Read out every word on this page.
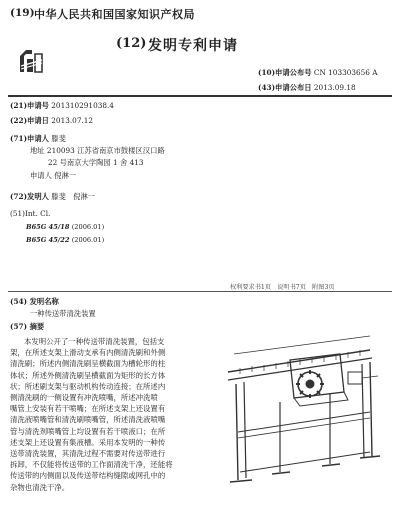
(19) 中华人民共和国国家知识产权局
(12) 发明专利申请
(10)申请公布号 CN 103303656 A
(43)申请公布日 2013.09.18
(21)申请号 201310291038.4
(22)申请日 2013.07.12
(71)申请人 滕斐
地址 210093 江苏省南京市鼓楼区汉口路
22 号南京大学陶园 1 舍 413
申请人 倪淋一
(72)发明人 滕斐　倪淋一
(51)Int. Cl.
B65G 45/18 (2006.01)
B65G 45/22 (2006.01)
权利要求书1页　说明书7页　附图3页
(54) 发明名称
一种传送带清洗装置
(57) 摘要
本发明公开了一种传送带清洗装置，包括支
架，在所述支架上滑动支承有内侧清洗刷和外侧
清洗刷；所述内侧清洗刷呈横截面为槽轮形的柱
体状；所述外侧清洗刷呈横截面为矩形的长方体
状；所述刷支架与驱动机构传动连接；在所述内
侧清洗刷的一侧设置有冲洗喷嘴，所述冲洗喷
嘴管上安装有若干喷嘴；在所述支架上还设置有
清洗液喷嘴管和清洗刷喷嘴管，所述清洗液喷嘴
管与清洗剂喷嘴管上均设置有若干喷液口；在所
述支架上还设置有集液槽。采用本发明的一种传
送带清洗装置，其清洗过程不需要对传送带进行
拆卸，不仅能将传送带的工作面清洗干净，还能将
传送带的内侧面以及传送带结构缝隙或网孔中的
杂物也清洗干净。
